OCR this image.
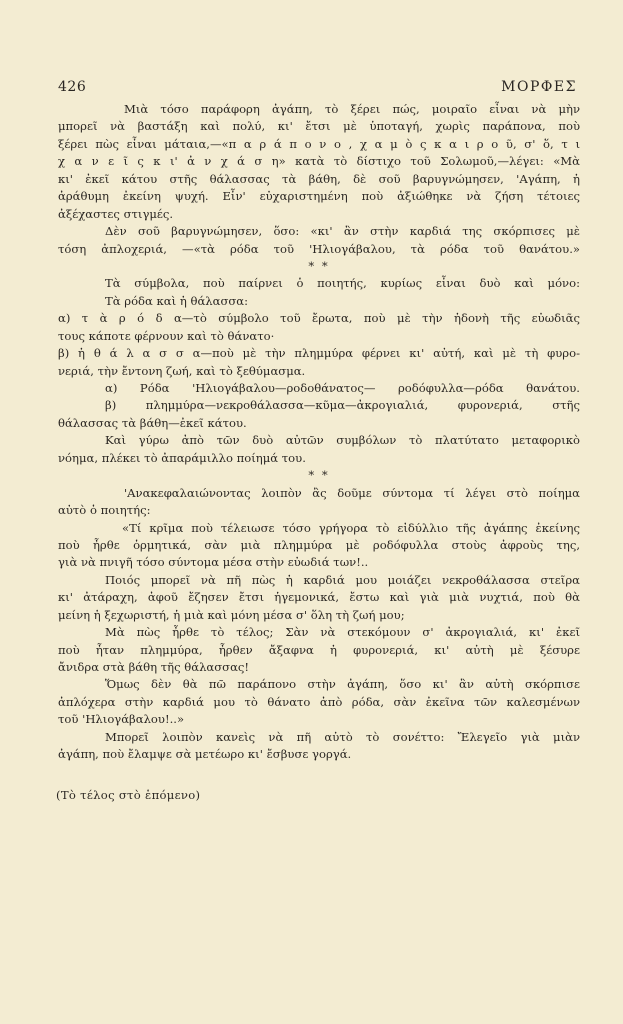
426	ΜΟΡΦΕΣ
Μιὰ τόσο παράφορη ἀγάπη, τὸ ξέρει πώς, μοιραῖο εἶναι νὰ μὴν
μπορεῖ νὰ βαστάξη καὶ πολύ, κι' ἔτσι μὲ ὑποταγή, χωρὶς παράπονα, ποὺ
ξέρει πὼς εἶναι μάταια,—«π α ρ ά π ο ν ο , χ α μ ὸ ς κ α ι ρ ο ῦ, σ' ὅ, τ ι
χ α ν ε ῖ ς κ ι' ἀ ν χ ά σ η» κατὰ τὸ δίστιχο τοῦ Σολωμοῦ,—λέγει: «Μὰ
κι' ἐκεῖ κάτου στῆς θάλασσας τὰ βάθη, δὲ σοῦ βαρυγνώμησεν, 'Αγάπη, ἡ
ἀράθυμη ἐκείνη ψυχή. Εἶν' εὐχαριστημένη ποὺ ἀξιώθηκε νὰ ζήση τέτοιες
ἀξέχαστες στιγμές.
Δὲν σοῦ βαρυγνώμησεν, ὅσο: «κι' ἂν στὴν καρδιά της σκόρπισες μὲ
τόση ἀπλοχεριά, —«τὰ ρόδα τοῦ 'Ηλιογάβαλου, τὰ ρόδα τοῦ θανάτου.»
* *
Τὰ σύμβολα, ποὺ παίρνει ὁ ποιητής, κυρίως εἶναι δυὸ καὶ μόνο:
Τὰ ρόδα καὶ ἡ θάλασσα:
α) τ ὰ ρ ό δ α—τὸ σύμβολο τοῦ ἔρωτα, ποὺ μὲ τὴν ἡδονὴ τῆς εὐωδιᾶς
τους κάποτε φέρνουν καὶ τὸ θάνατο·
β) ἡ θ ά λ α σ σ α—ποὺ μὲ τὴν πλημμύρα φέρνει κι' αὐτή, καὶ μὲ τὴ φυρο-
νεριά, τὴν ἔντονη ζωή, καὶ τὸ ξεθύμασμα.
α) Ρόδα 'Ηλιογάβαλου—ροδοθάνατος— ροδόφυλλα—ρόδα θανάτου.
β) πλημμύρα—νεκροθάλασσα—κῦμα—ἀκρογιαλιά, φυρονεριά, στῆς
θάλασσας τὰ βάθη—ἐκεῖ κάτου.
Καὶ γύρω ἀπὸ τῶν δυὸ αὐτῶν συμβόλων τὸ πλατύτατο μεταφορικὸ
νόημα, πλέκει τὸ ἀπαράμιλλο ποίημά του.
* *
'Ανακεφαλαιώνοντας λοιπὸν ἂς δοῦμε σύντομα τί λέγει στὸ ποίημα
αὐτὸ ὁ ποιητής:
«Τί κρῖμα ποὺ τέλειωσε τόσο γρήγορα τὸ εἰδύλλιο τῆς ἀγάπης ἐκείνης
ποὺ ἦρθε ὁρμητικά, σὰν μιὰ πλημμύρα μὲ ροδόφυλλα στοὺς ἀφροὺς της,
γιὰ νὰ πνιγῆ τόσο σύντομα μέσα στὴν εὐωδιά των!..
Ποιός μπορεῖ νὰ πῆ πὼς ἡ καρδιά μου μοιάζει νεκροθάλασσα στεῖρα
κι' ἀτάραχη, ἀφοῦ ἔζησεν ἔτσι ἡγεμονικά, ἔστω καὶ γιὰ μιὰ νυχτιά, ποὺ θὰ
μείνη ἡ ξεχωριστή, ἡ μιὰ καὶ μόνη μέσα σ' ὅλη τὴ ζωή μου;
Μὰ πὼς ἦρθε τὸ τέλος; Σὰν νὰ στεκόμουν σ' ἀκρογιαλιά, κι' ἐκεῖ
ποὺ ἦταν πλημμύρα, ἦρθεν ἄξαφνα ἡ φυρονεριά, κι' αὐτὴ μὲ ξέσυρε
ἄνιδρα στὰ βάθη τῆς θάλασσας!
Ὅμως δὲν θὰ πῶ παράπονο στὴν ἀγάπη, ὅσο κι' ἂν αὐτὴ σκόρπισε
ἀπλόχερα στὴν καρδιά μου τὸ θάνατο ἀπὸ ρόδα, σὰν ἐκεῖνα τῶν καλεσμένων
τοῦ 'Ηλιογάβαλου!..»
Μπορεῖ λοιπὸν κανεὶς νὰ πῆ αὐτὸ τὸ σονέττο: Ἔλεγεῖο γιὰ μιὰν
ἀγάπη, ποὺ ἔλαμψε σὰ μετέωρο κι' ἔσβυσε γοργά.
(Τὸ τέλος στὸ ἑπόμενο)
